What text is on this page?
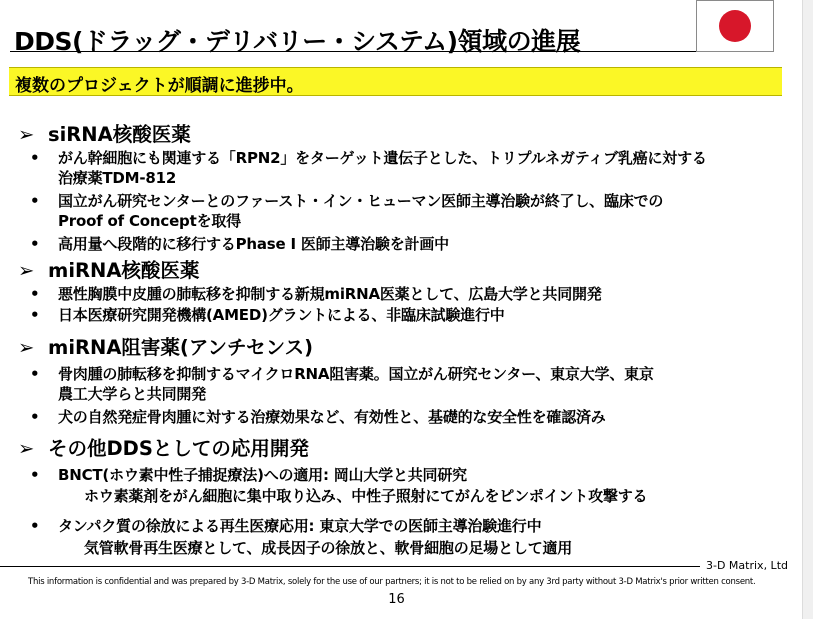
DDS(ドラッグ・デリバリー・システム)領域の進展
複数のプロジェクトが順調に進捗中。
➢ siRNA核酸医薬
• がん幹細胞にも関連する「RPN2」をターゲット遺伝子とした、トリプルネガティブ乳癌に対する
治療薬TDM-812
• 国立がん研究センターとのファースト・イン・ヒューマン医師主導治験が終了し、臨床での
Proof of Conceptを取得
• 高用量へ段階的に移行するPhase I 医師主導治験を計画中
➢ miRNA核酸医薬
• 悪性胸膜中皮腫の肺転移を抑制する新規miRNA医薬として、広島大学と共同開発
• 日本医療研究開発機構(AMED)グラントによる、非臨床試験進行中
➢ miRNA阻害薬(アンチセンス)
• 骨肉腫の肺転移を抑制するマイクロRNA阻害薬。国立がん研究センター、東京大学、東京
農工大学らと共同開発
• 犬の自然発症骨肉腫に対する治療効果など、有効性と、基礎的な安全性を確認済み
➢ その他DDSとしての応用開発
• BNCT(ホウ素中性子捕捉療法)への適用: 岡山大学と共同研究
ホウ素薬剤をがん細胞に集中取り込み、中性子照射にてがんをピンポイント攻撃する
• タンパク質の徐放による再生医療応用: 東京大学での医師主導治験進行中
気管軟骨再生医療として、成長因子の徐放と、軟骨細胞の足場として適用
3-D Matrix, Ltd
This information is confidential and was prepared by 3-D Matrix, solely for the use of our partners; it is not to be relied on by any 3rd party without 3-D Matrix's prior written consent.
16
